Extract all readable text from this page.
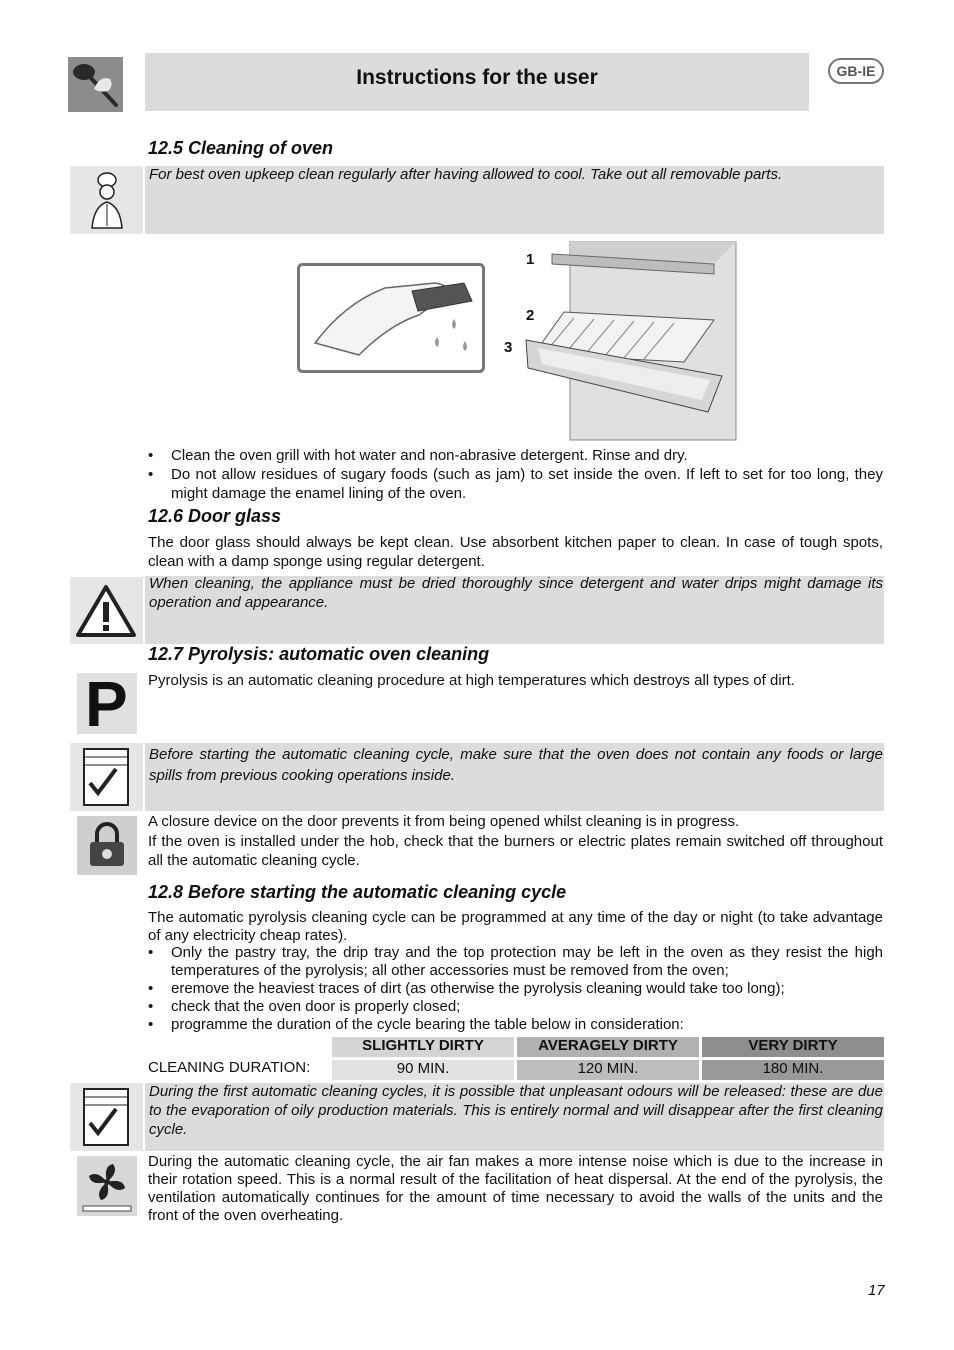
Instructions for the user	GB-IE
12.5 Cleaning of oven
For best oven upkeep clean regularly after having allowed to cool. Take out all removable parts.
1
2
3
• Clean the oven grill with hot water and non-abrasive detergent. Rinse and dry.
• Do not allow residues of sugary foods (such as jam) to set inside the oven. If left to set for too long, they might damage the enamel lining of the oven.
12.6 Door glass
The door glass should always be kept clean. Use absorbent kitchen paper to clean. In case of tough spots, clean with a damp sponge using regular detergent.
When cleaning, the appliance must be dried thoroughly since detergent and water drips might damage its operation and appearance.
12.7 Pyrolysis: automatic oven cleaning
P Pyrolysis is an automatic cleaning procedure at high temperatures which destroys all types of dirt.
Before starting the automatic cleaning cycle, make sure that the oven does not contain any foods or large spills from previous cooking operations inside.
A closure device on the door prevents it from being opened whilst cleaning is in progress.
If the oven is installed under the hob, check that the burners or electric plates remain switched off throughout all the automatic cleaning cycle.
12.8 Before starting the automatic cleaning cycle
The automatic pyrolysis cleaning cycle can be programmed at any time of the day or night (to take advantage of any electricity cheap rates).
• Only the pastry tray, the drip tray and the top protection may be left in the oven as they resist the high temperatures of the pyrolysis; all other accessories must be removed from the oven;
• eremove the heaviest traces of dirt (as otherwise the pyrolysis cleaning would take too long);
• check that the oven door is properly closed;
• programme the duration of the cycle bearing the table below in consideration:
CLEANING DURATION:
SLIGHTLY DIRTY	AVERAGELY DIRTY	VERY DIRTY
90 MIN.	120 MIN.	180 MIN.
During the first automatic cleaning cycles, it is possible that unpleasant odours will be released: these are due to the evaporation of oily production materials. This is entirely normal and will disappear after the first cleaning cycle.
During the automatic cleaning cycle, the air fan makes a more intense noise which is due to the increase in their rotation speed. This is a normal result of the facilitation of heat dispersal. At the end of the pyrolysis, the ventilation automatically continues for the amount of time necessary to avoid the walls of the units and the front of the oven overheating.
17
